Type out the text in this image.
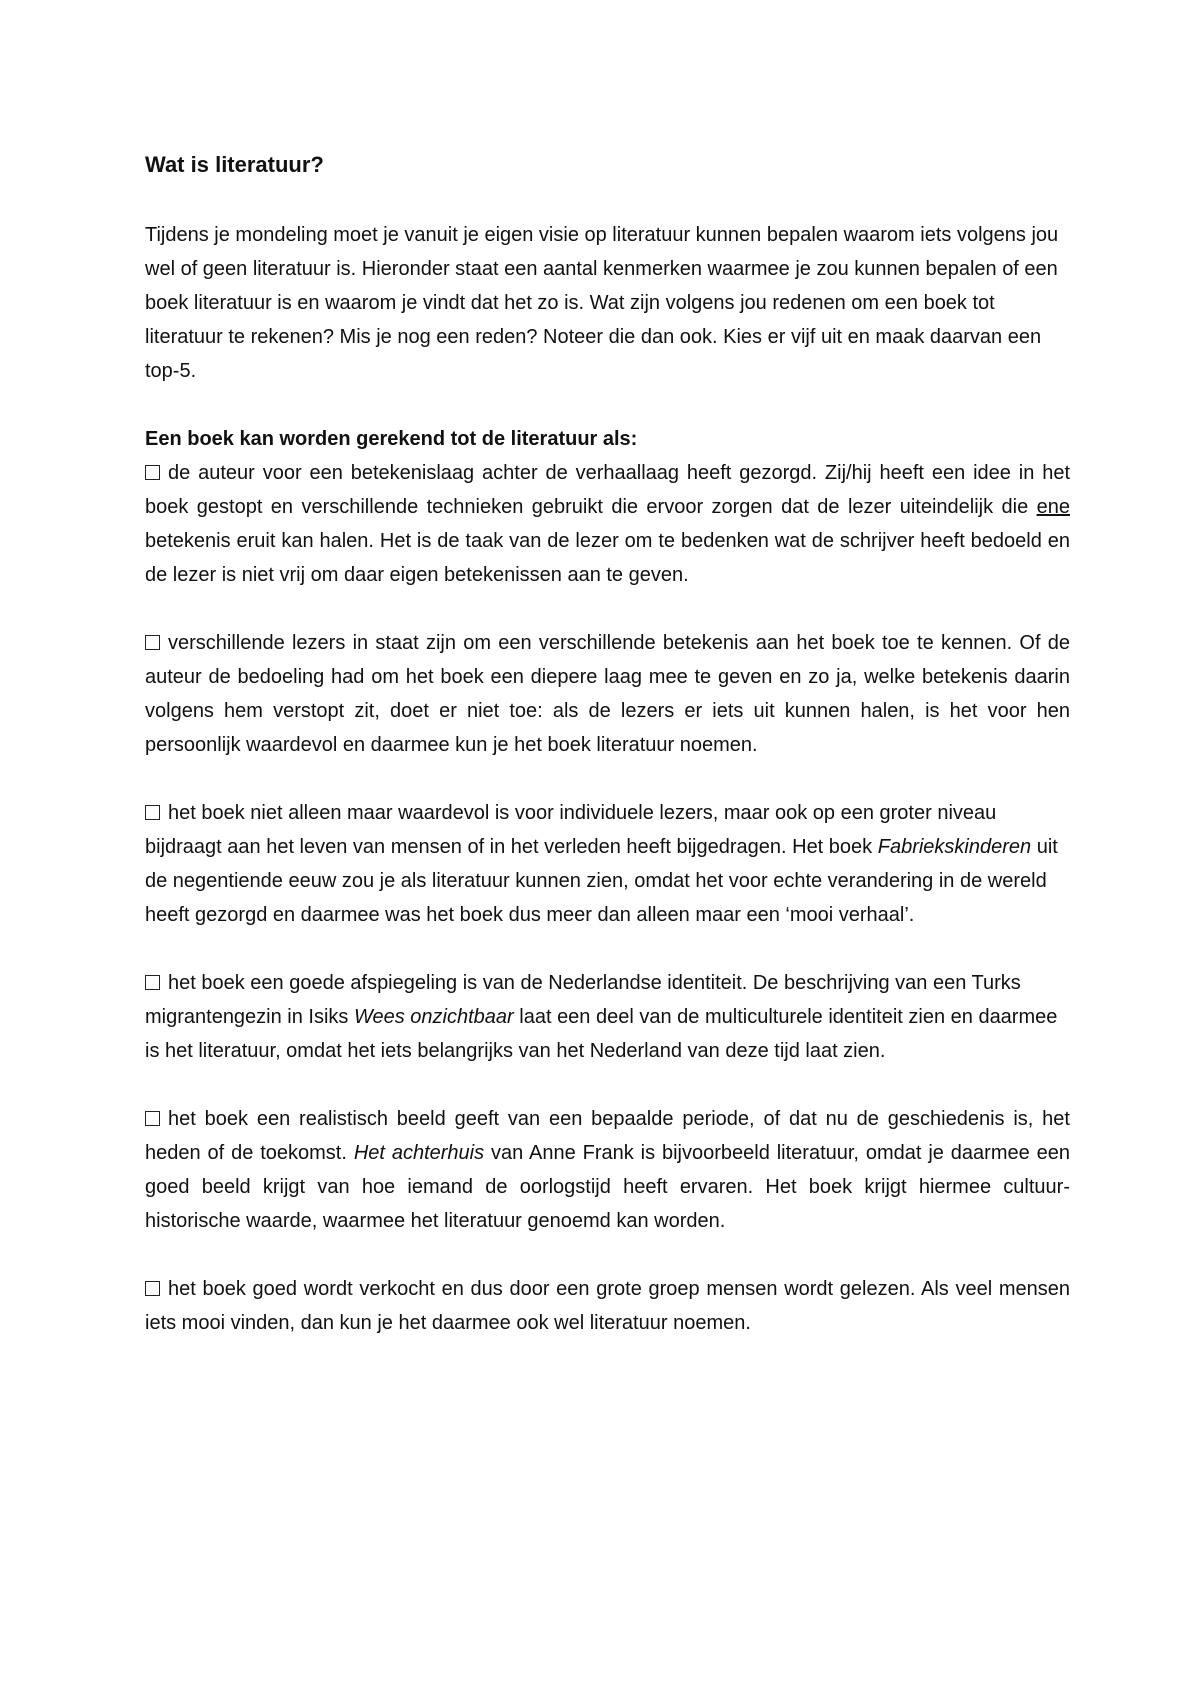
Wat is literatuur?

Tijdens je mondeling moet je vanuit je eigen visie op literatuur kunnen bepalen waarom iets volgens jou wel of geen literatuur is. Hieronder staat een aantal kenmerken waarmee je zou kunnen bepalen of een boek literatuur is en waarom je vindt dat het zo is. Wat zijn volgens jou redenen om een boek tot literatuur te rekenen? Mis je nog een reden? Noteer die dan ook. Kies er vijf uit en maak daarvan een top-5.

Een boek kan worden gerekend tot de literatuur als:

de auteur voor een betekenislaag achter de verhaallaag heeft gezorgd. Zij/hij heeft een idee in het boek gestopt en verschillende technieken gebruikt die ervoor zorgen dat de lezer uiteindelijk die ene betekenis eruit kan halen. Het is de taak van de lezer om te bedenken wat de schrijver heeft bedoeld en de lezer is niet vrij om daar eigen betekenissen aan te geven.

verschillende lezers in staat zijn om een verschillende betekenis aan het boek toe te kennen. Of de auteur de bedoeling had om het boek een diepere laag mee te geven en zo ja, welke betekenis daarin volgens hem verstopt zit, doet er niet toe: als de lezers er iets uit kunnen halen, is het voor hen persoonlijk waardevol en daarmee kun je het boek literatuur noemen.

het boek niet alleen maar waardevol is voor individuele lezers, maar ook op een groter niveau bijdraagt aan het leven van mensen of in het verleden heeft bijgedragen. Het boek Fabriekskinderen uit de negentiende eeuw zou je als literatuur kunnen zien, omdat het voor echte verandering in de wereld heeft gezorgd en daarmee was het boek dus meer dan alleen maar een ‘mooi verhaal’.

het boek een goede afspiegeling is van de Nederlandse identiteit. De beschrijving van een Turks migrantengezin in Isiks Wees onzichtbaar laat een deel van de multiculturele identiteit zien en daarmee is het literatuur, omdat het iets belangrijks van het Nederland van deze tijd laat zien.

het boek een realistisch beeld geeft van een bepaalde periode, of dat nu de geschiedenis is, het heden of de toekomst. Het achterhuis van Anne Frank is bijvoorbeeld literatuur, omdat je daarmee een goed beeld krijgt van hoe iemand de oorlogstijd heeft ervaren. Het boek krijgt hiermee cultuur-historische waarde, waarmee het literatuur genoemd kan worden.

het boek goed wordt verkocht en dus door een grote groep mensen wordt gelezen. Als veel mensen iets mooi vinden, dan kun je het daarmee ook wel literatuur noemen.
